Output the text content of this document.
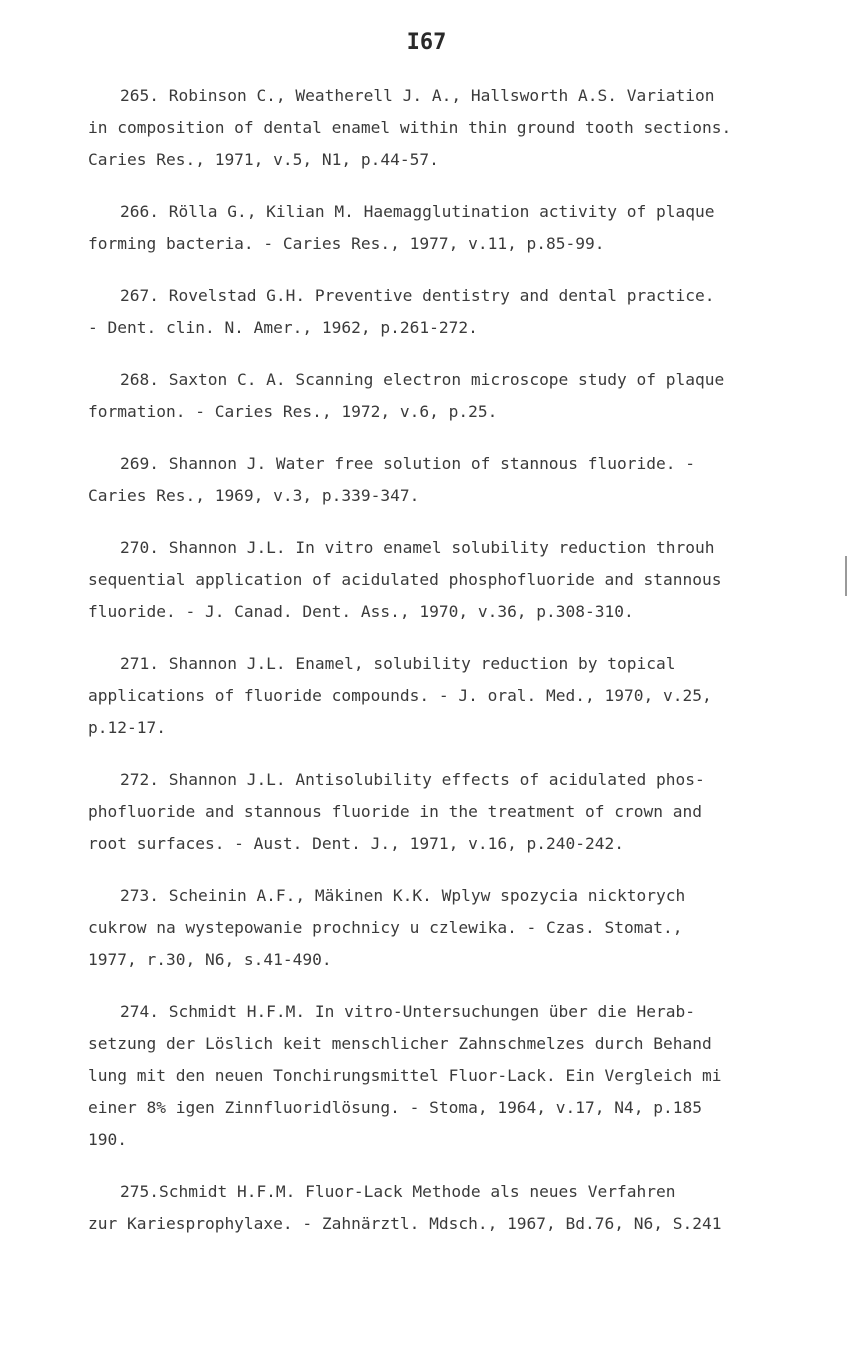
I67
265. Robinson C., Weatherell J. A., Hallsworth A.S. Variation
in composition of dental enamel within thin ground tooth sections.
Caries Res., 1971, v.5, N1, p.44-57.
266. Rölla G., Kilian M. Haemagglutination activity of plaque
forming bacteria. - Caries Res., 1977, v.11, p.85-99.
267. Rovelstad G.H. Preventive dentistry and dental practice.
- Dent. clin. N. Amer., 1962, p.261-272.
268. Saxton C. A. Scanning electron microscope study of plaque
formation. - Caries Res., 1972, v.6, p.25.
269. Shannon J. Water free solution of stannous fluoride. -
Caries Res., 1969, v.3, p.339-347.
270. Shannon J.L. In vitro enamel solubility reduction throuh
sequential application of acidulated phosphofluoride and stannous
fluoride. - J. Canad. Dent. Ass., 1970, v.36, p.308-310.
271. Shannon J.L. Enamel, solubility reduction by topical
applications of fluoride compounds. - J. oral. Med., 1970, v.25,
p.12-17.
272. Shannon J.L. Antisolubility effects of acidulated phos-
phofluoride and stannous fluoride in the treatment of crown and
root surfaces. - Aust. Dent. J., 1971, v.16, p.240-242.
273. Scheinin A.F., Mäkinen K.K. Wplyw spozycia nicktorych
cukrow na wystepowanie prochnicy u czlewika. - Czas. Stomat.,
1977, r.30, N6, s.41-490.
274. Schmidt H.F.M. In vitro-Untersuchungen über die Herab-
setzung der Löslich keit menschlicher Zahnschmelzes durch Behand
lung mit den neuen Tonchirungsmittel Fluor-Lack. Ein Vergleich mi
einer 8% igen Zinnfluoridlösung. - Stoma, 1964, v.17, N4, p.185
190.
275.Schmidt H.F.M. Fluor-Lack Methode als neues Verfahren
zur Kariesprophylaxe. - Zahnärztl. Mdsch., 1967, Bd.76, N6, S.241
